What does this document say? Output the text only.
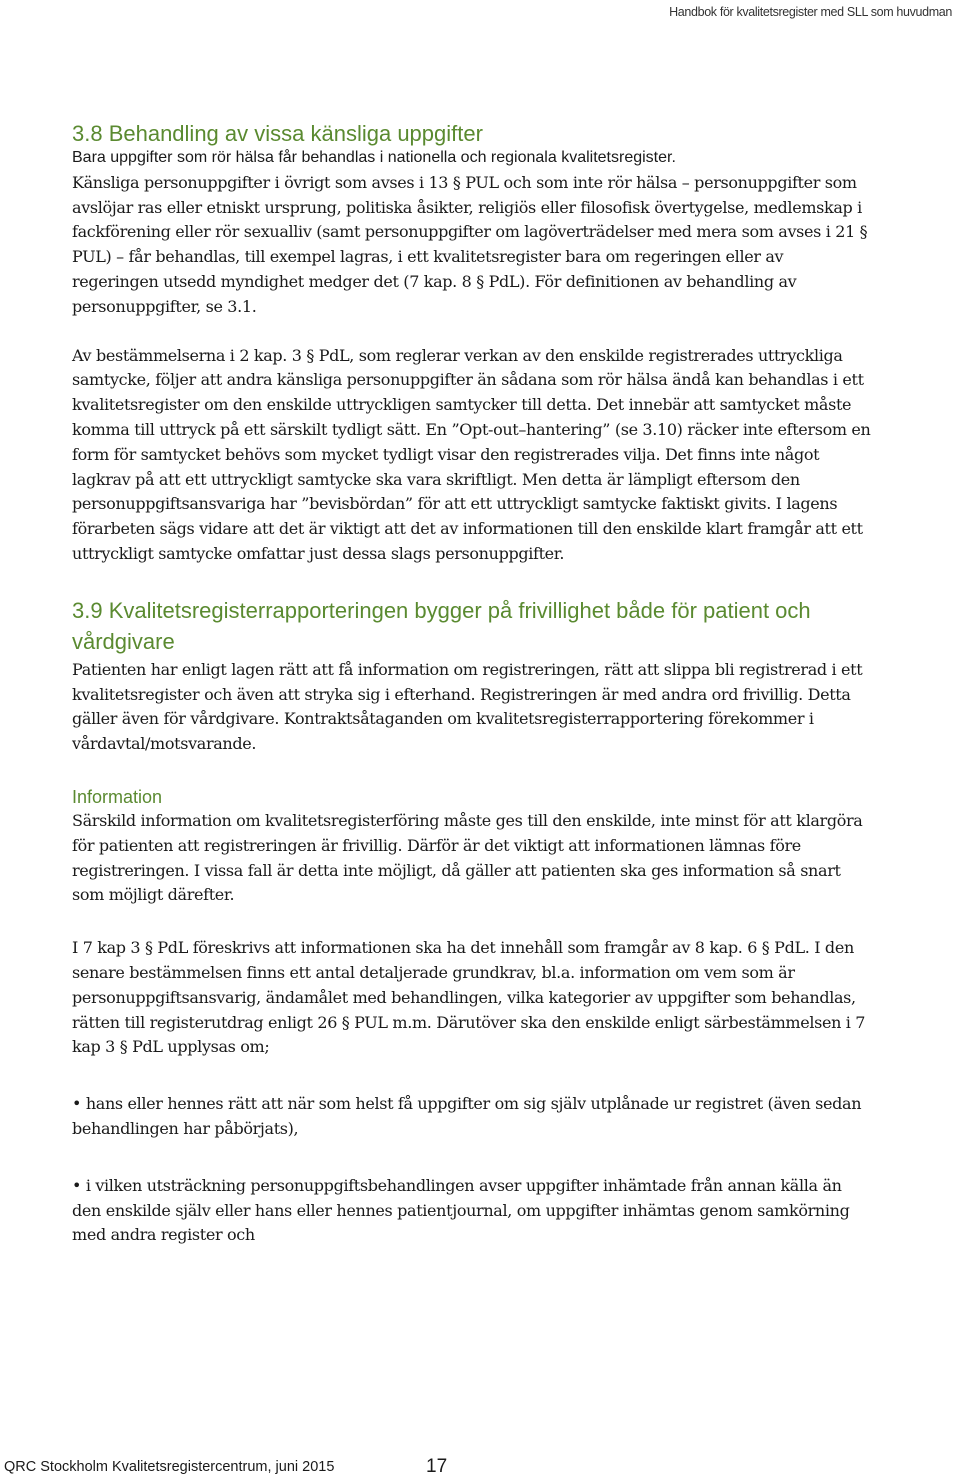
Handbok för kvalitetsregister med SLL som huvudman

3.8 Behandling av vissa känsliga uppgifter

Bara uppgifter som rör hälsa får behandlas i nationella och regionala kvalitetsregister.

Känsliga personuppgifter i övrigt som avses i 13 § PUL och som inte rör hälsa – personuppgifter som avslöjar ras eller etniskt ursprung, politiska åsikter, religiös eller filosofisk övertygelse, medlemskap i fackförening eller rör sexualliv (samt personuppgifter om lagöverträdelser med mera som avses i 21 § PUL) – får behandlas, till exempel lagras, i ett kvalitetsregister bara om regeringen eller av regeringen utsedd myndighet medger det (7 kap. 8 § PdL). För definitionen av behandling av personuppgifter, se 3.1.

Av bestämmelserna i 2 kap. 3 § PdL, som reglerar verkan av den enskilde registrerades uttryckliga samtycke, följer att andra känsliga personuppgifter än sådana som rör hälsa ändå kan behandlas i ett kvalitetsregister om den enskilde uttryckligen samtycker till detta. Det innebär att samtycket måste komma till uttryck på ett särskilt tydligt sätt. En ”Opt-out–hantering” (se 3.10) räcker inte eftersom en form för samtycket behövs som mycket tydligt visar den registrerades vilja. Det finns inte något lagkrav på att ett uttryckligt samtycke ska vara skriftligt. Men detta är lämpligt eftersom den personuppgiftsansvariga har ”bevisbördan” för att ett uttryckligt samtycke faktiskt givits. I lagens förarbeten sägs vidare att det är viktigt att det av informationen till den enskilde klart framgår att ett uttryckligt samtycke omfattar just dessa slags personuppgifter.

3.9 Kvalitetsregisterrapporteringen bygger på frivillighet både för patient och vårdgivare

Patienten har enligt lagen rätt att få information om registreringen, rätt att slippa bli registrerad i ett kvalitetsregister och även att stryka sig i efterhand. Registreringen är med andra ord frivillig. Detta gäller även för vårdgivare. Kontraktsåtaganden om kvalitetsregisterrapportering förekommer i vårdavtal/motsvarande.

Information

Särskild information om kvalitetsregisterföring måste ges till den enskilde, inte minst för att klargöra för patienten att registreringen är frivillig. Därför är det viktigt att informationen lämnas före registreringen. I vissa fall är detta inte möjligt, då gäller att patienten ska ges information så snart som möjligt därefter.

I 7 kap 3 § PdL föreskrivs att informationen ska ha det innehåll som framgår av 8 kap. 6 § PdL. I den senare bestämmelsen finns ett antal detaljerade grundkrav, bl.a. information om vem som är personuppgiftsansvarig, ändamålet med behandlingen, vilka kategorier av uppgifter som behandlas, rätten till registerutdrag enligt 26 § PUL m.m. Därutöver ska den enskilde enligt särbestämmelsen i 7 kap 3 § PdL upplysas om;

• hans eller hennes rätt att när som helst få uppgifter om sig själv utplånade ur registret (även sedan behandlingen har påbörjats),

• i vilken utsträckning personuppgiftsbehandlingen avser uppgifter inhämtade från annan källa än den enskilde själv eller hans eller hennes patientjournal, om uppgifter inhämtas genom samkörning med andra register och

QRC Stockholm Kvalitetsregistercentrum, juni 2015	17
